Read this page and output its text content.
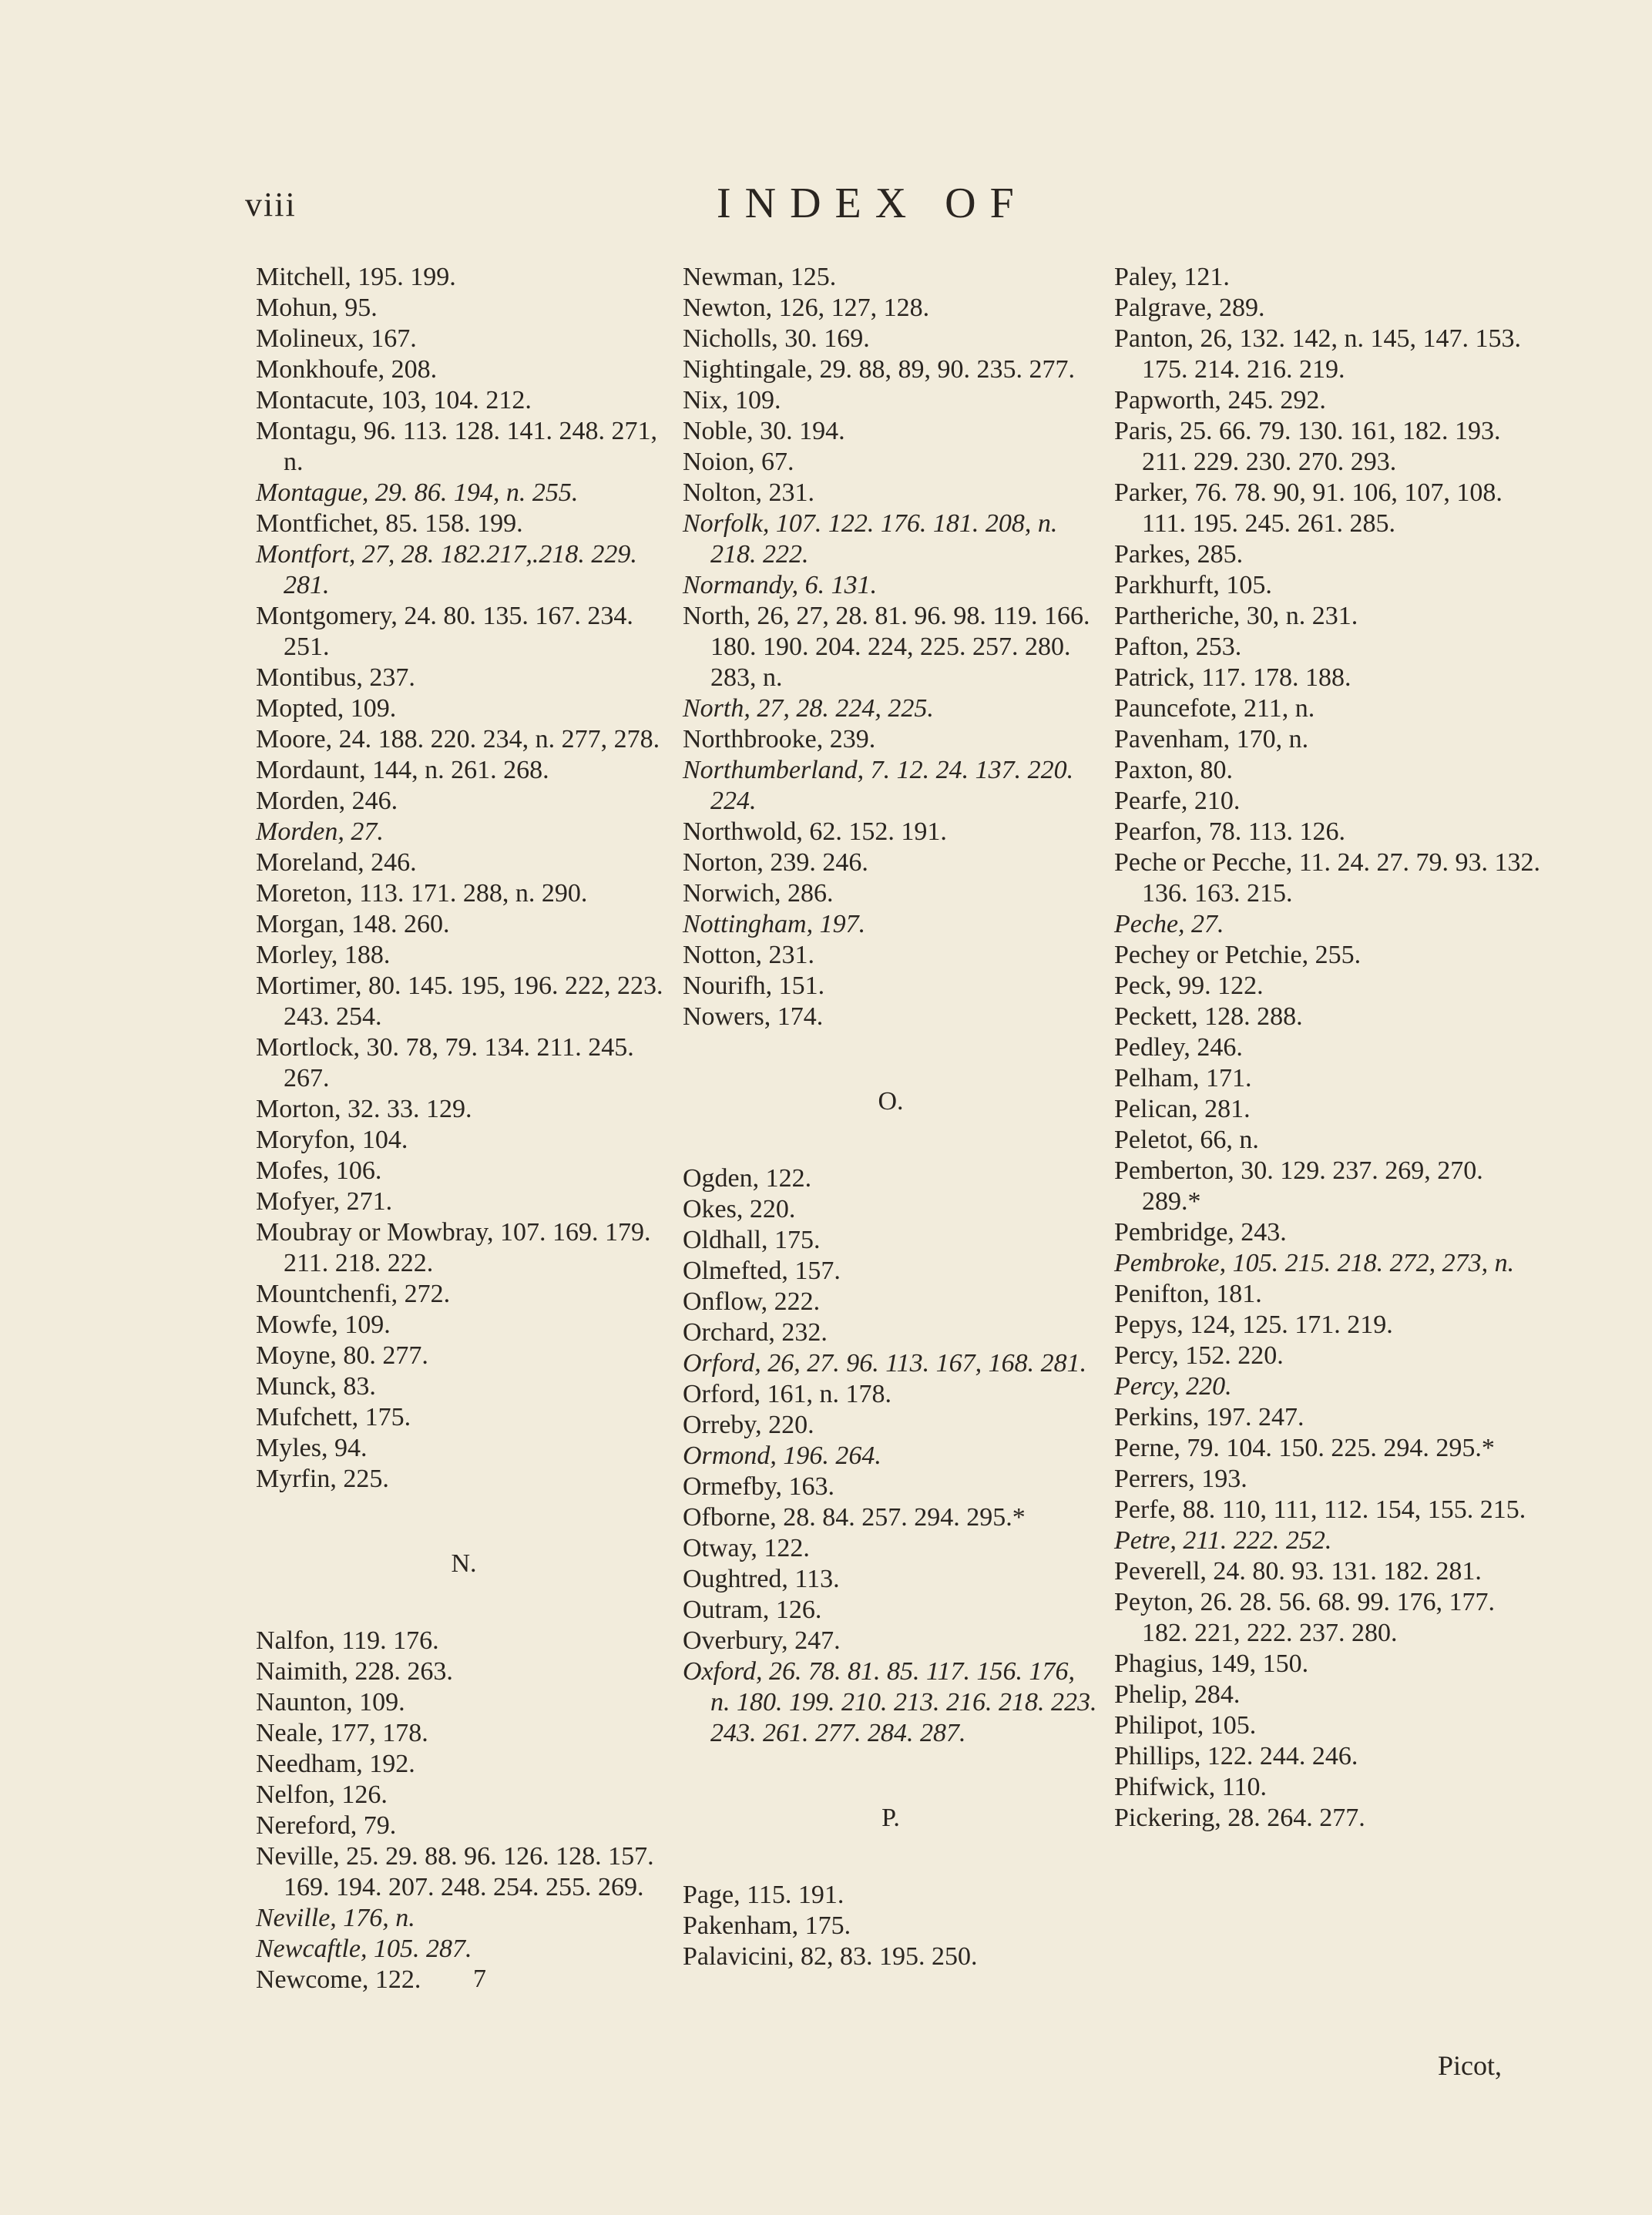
viii	INDEX OF
Mitchell, 195. 199.
Mohun, 95.
Molineux, 167.
Monkhoufe, 208.
Montacute, 103, 104. 212.
Montagu, 96. 113. 128. 141. 248. 271, n.
Montague, 29. 86. 194, n. 255.
Montfichet, 85. 158. 199.
Montfort, 27, 28. 182.217,.218. 229. 281.
Montgomery, 24. 80. 135. 167. 234. 251.
Montibus, 237.
Mopted, 109.
Moore, 24. 188. 220. 234, n. 277, 278.
Mordaunt, 144, n. 261. 268.
Morden, 246.
Morden, 27.
Moreland, 246.
Moreton, 113. 171. 288, n. 290.
Morgan, 148. 260.
Morley, 188.
Mortimer, 80. 145. 195, 196. 222, 223. 243. 254.
Mortlock, 30. 78, 79. 134. 211. 245. 267.
Morton, 32. 33. 129.
Moryfon, 104.
Mofes, 106.
Mofyer, 271.
Moubray or Mowbray, 107. 169. 179. 211. 218. 222.
Mountchenfi, 272.
Mowfe, 109.
Moyne, 80. 277.
Munck, 83.
Mufchett, 175.
Myles, 94.
Myrfin, 225.
N.
Nalfon, 119. 176.
Naimith, 228. 263.
Naunton, 109.
Neale, 177, 178.
Needham, 192.
Nelfon, 126.
Nereford, 79.
Neville, 25. 29. 88. 96. 126. 128. 157. 169. 194. 207. 248. 254. 255. 269.
Neville, 176, n.
Newcaftle, 105. 287.
Newcome, 122.
Newman, 125.
Newton, 126, 127, 128.
Nicholls, 30. 169.
Nightingale, 29. 88, 89, 90. 235. 277.
Nix, 109.
Noble, 30. 194.
Noion, 67.
Nolton, 231.
Norfolk, 107. 122. 176. 181. 208, n. 218. 222.
Normandy, 6. 131.
North, 26, 27, 28. 81. 96. 98. 119. 166. 180. 190. 204. 224, 225. 257. 280. 283, n.
North, 27, 28. 224, 225.
Northbrooke, 239.
Northumberland, 7. 12. 24. 137. 220. 224.
Northwold, 62. 152. 191.
Norton, 239. 246.
Norwich, 286.
Nottingham, 197.
Notton, 231.
Nourifh, 151.
Nowers, 174.
O.
Ogden, 122.
Okes, 220.
Oldhall, 175.
Olmefted, 157.
Onflow, 222.
Orchard, 232.
Orford, 26, 27. 96. 113. 167, 168. 281.
Orford, 161, n. 178.
Orreby, 220.
Ormond, 196. 264.
Ormefby, 163.
Ofborne, 28. 84. 257. 294. 295.*
Otway, 122.
Oughtred, 113.
Outram, 126.
Overbury, 247.
Oxford, 26. 78. 81. 85. 117. 156. 176, n. 180. 199. 210. 213. 216. 218. 223. 243. 261. 277. 284. 287.
P.
Page, 115. 191.
Pakenham, 175.
Palavicini, 82, 83. 195. 250.
Paley, 121.
Palgrave, 289.
Panton, 26, 132. 142, n. 145, 147. 153. 175. 214. 216. 219.
Papworth, 245. 292.
Paris, 25. 66. 79. 130. 161, 182. 193. 211. 229. 230. 270. 293.
Parker, 76. 78. 90, 91. 106, 107, 108. 111. 195. 245. 261. 285.
Parkes, 285.
Parkhurft, 105.
Partheriche, 30, n. 231.
Pafton, 253.
Patrick, 117. 178. 188.
Pauncefote, 211, n.
Pavenham, 170, n.
Paxton, 80.
Pearfe, 210.
Pearfon, 78. 113. 126.
Peche or Pecche, 11. 24. 27. 79. 93. 132. 136. 163. 215.
Peche, 27.
Pechey or Petchie, 255.
Peck, 99. 122.
Peckett, 128. 288.
Pedley, 246.
Pelham, 171.
Pelican, 281.
Peletot, 66, n.
Pemberton, 30. 129. 237. 269, 270. 289.*
Pembridge, 243.
Pembroke, 105. 215. 218. 272, 273, n.
Penifton, 181.
Pepys, 124, 125. 171. 219.
Percy, 152. 220.
Percy, 220.
Perkins, 197. 247.
Perne, 79. 104. 150. 225. 294. 295.*
Perrers, 193.
Perfe, 88. 110, 111, 112. 154, 155. 215.
Petre, 211. 222. 252.
Peverell, 24. 80. 93. 131. 182. 281.
Peyton, 26. 28. 56. 68. 99. 176, 177. 182. 221, 222. 237. 280.
Phagius, 149, 150.
Phelip, 284.
Philipot, 105.
Phillips, 122. 244. 246.
Phifwick, 110.
Pickering, 28. 264. 277.
7
Picot,
